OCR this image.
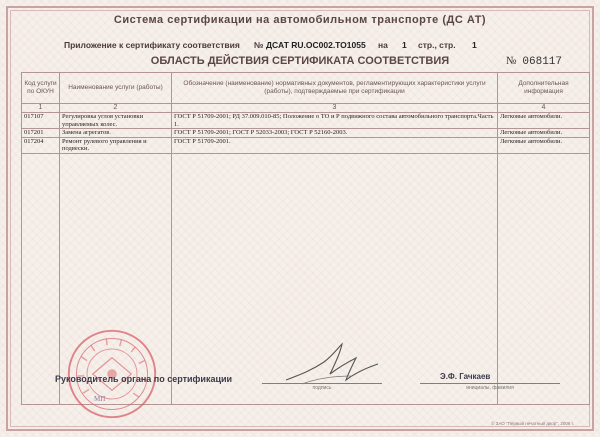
Система сертификации на автомобильном транспорте (ДС АТ)
Приложение к сертификату соответствия № ДСАТ RU.ОС002.ТО1055 на 1 стр., стр. 1
ОБЛАСТЬ ДЕЙСТВИЯ СЕРТИФИКАТА СООТВЕТСТВИЯ	№ 068117
Код услуги по ОКУН	Наименование услуги (работы)	Обозначение (наименование) нормативных документов, регламентирующих характеристики услуги (работы), подтверждаемые при сертификации	Дополнительная информация
1	2	3	4
017107	Регулировка углов установки управляемых колес.	ГОСТ Р 51709-2001; РД 37.009.010-85; Положение о ТО и Р подвижного состава автомобильного транспорта.Часть 1.	Легковые автомобили.
017201	Замена агрегатов.	ГОСТ Р 51709-2001; ГОСТ Р 52033-2003; ГОСТ Р 52160-2003.	Легковые автомобили.
017204	Ремонт рулевого управления и подвески.	ГОСТ Р 51709-2001.	Легковые автомобили.

МП
Руководитель органа по сертификации
подпись
Э.Ф. Гачкаев
инициалы, фамилия
© ЗАО "Первый печатный двор", 2006 г.
